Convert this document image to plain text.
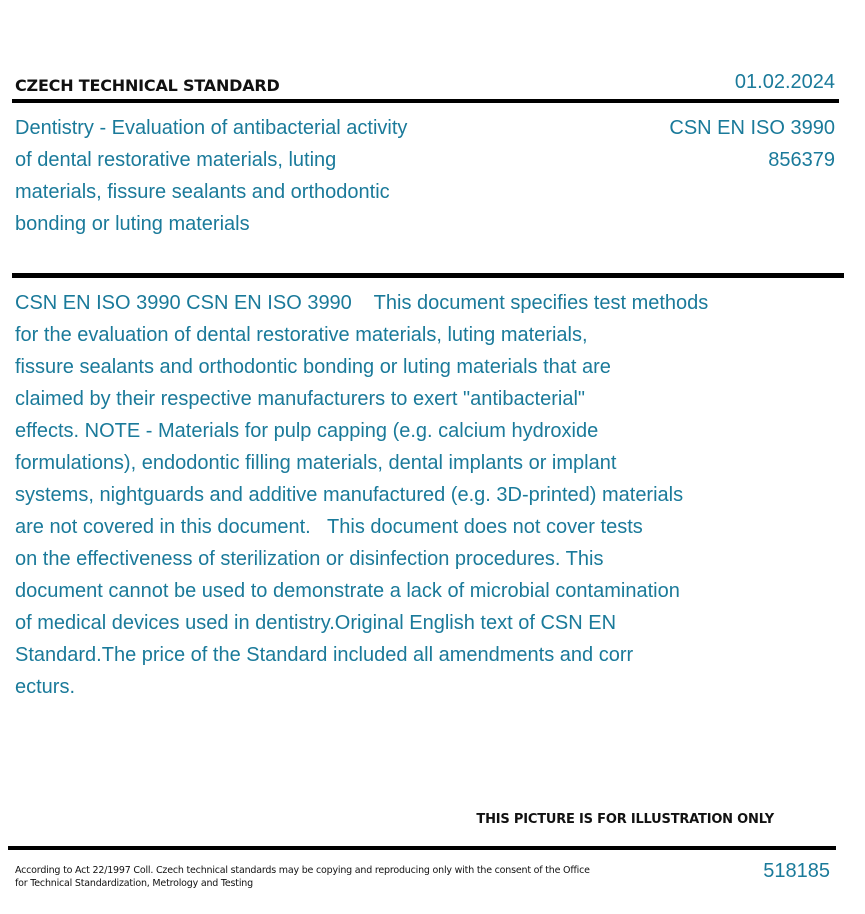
CZECH TECHNICAL STANDARD	01.02.2024
Dentistry - Evaluation of antibacterial activity
of dental restorative materials, luting
materials, fissure sealants and orthodontic
bonding or luting materials
CSN EN ISO 3990
856379
CSN EN ISO 3990 CSN EN ISO 3990    This document specifies test methods
for the evaluation of dental restorative materials, luting materials,
fissure sealants and orthodontic bonding or luting materials that are
claimed by their respective manufacturers to exert "antibacterial"
effects. NOTE - Materials for pulp capping (e.g. calcium hydroxide
formulations), endodontic filling materials, dental implants or implant
systems, nightguards and additive manufactured (e.g. 3D-printed) materials
are not covered in this document.   This document does not cover tests
on the effectiveness of sterilization or disinfection procedures. This
document cannot be used to demonstrate a lack of microbial contamination
of medical devices used in dentistry.Original English text of CSN EN
Standard.The price of the Standard included all amendments and corr
ecturs.
THIS PICTURE IS FOR ILLUSTRATION ONLY
According to Act 22/1997 Coll. Czech technical standards may be copying and reproducing only with the consent of the Office
for Technical Standardization, Metrology and Testing
518185
